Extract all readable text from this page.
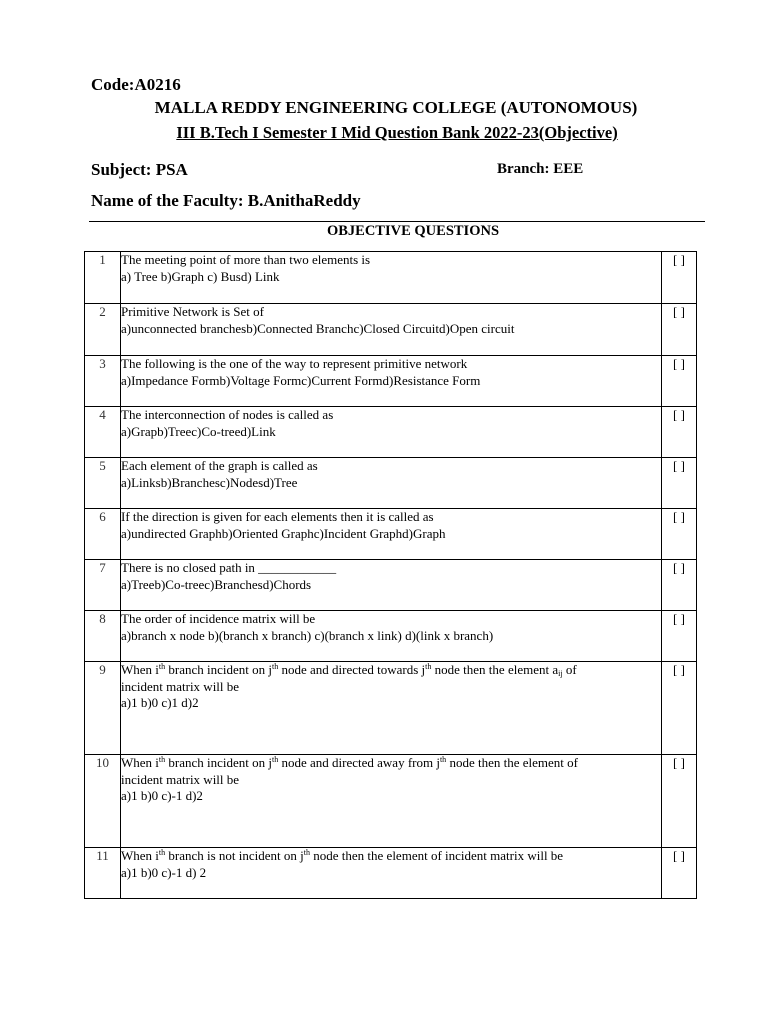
Code:A0216
MALLA REDDY ENGINEERING COLLEGE (AUTONOMOUS)
III B.Tech I Semester I Mid Question Bank 2022-23(Objective)
Subject: PSA	Branch: EEE
Name of the Faculty: B.AnithaReddy
OBJECTIVE QUESTIONS
1	The meeting point of more than two elements is
a) Tree b)Graph c) Busd) Link	[ ]
2	Primitive Network is Set of
a)unconnected branchesb)Connected Branchc)Closed Circuitd)Open circuit	[ ]
3	The following is the one of the way to represent primitive network
a)Impedance Formb)Voltage Formc)Current Formd)Resistance Form	[ ]
4	The interconnection of nodes is called as
a)Grapb)Treec)Co-treed)Link	[ ]
5	Each element of the graph is called as
a)Linksb)Branchesc)Nodesd)Tree	[ ]
6	If the direction is given for each elements then it is called as
a)undirected Graphb)Oriented Graphc)Incident Graphd)Graph	[ ]
7	There is no closed path in ____________
a)Treeb)Co-treec)Branchesd)Chords	[ ]
8	The order of incidence matrix will be
a)branch x node b)(branch x branch) c)(branch x link) d)(link x branch)	[ ]
9	When $i^{th}$ branch incident on $j^{th}$ node and directed towards $j^{th}$ node then the element $a_{ij}$ of
incident matrix will be
a)1 b)0 c)1 d)2	[ ]
10	When $i^{th}$ branch incident on $j^{th}$ node and directed away from $j^{th}$ node then the element of
incident matrix will be
a)1 b)0 c)-1 d)2	[ ]
11	When $i^{th}$ branch is not incident on $j^{th}$ node then the element of incident matrix will be
a)1 b)0 c)-1 d) 2	[ ]
